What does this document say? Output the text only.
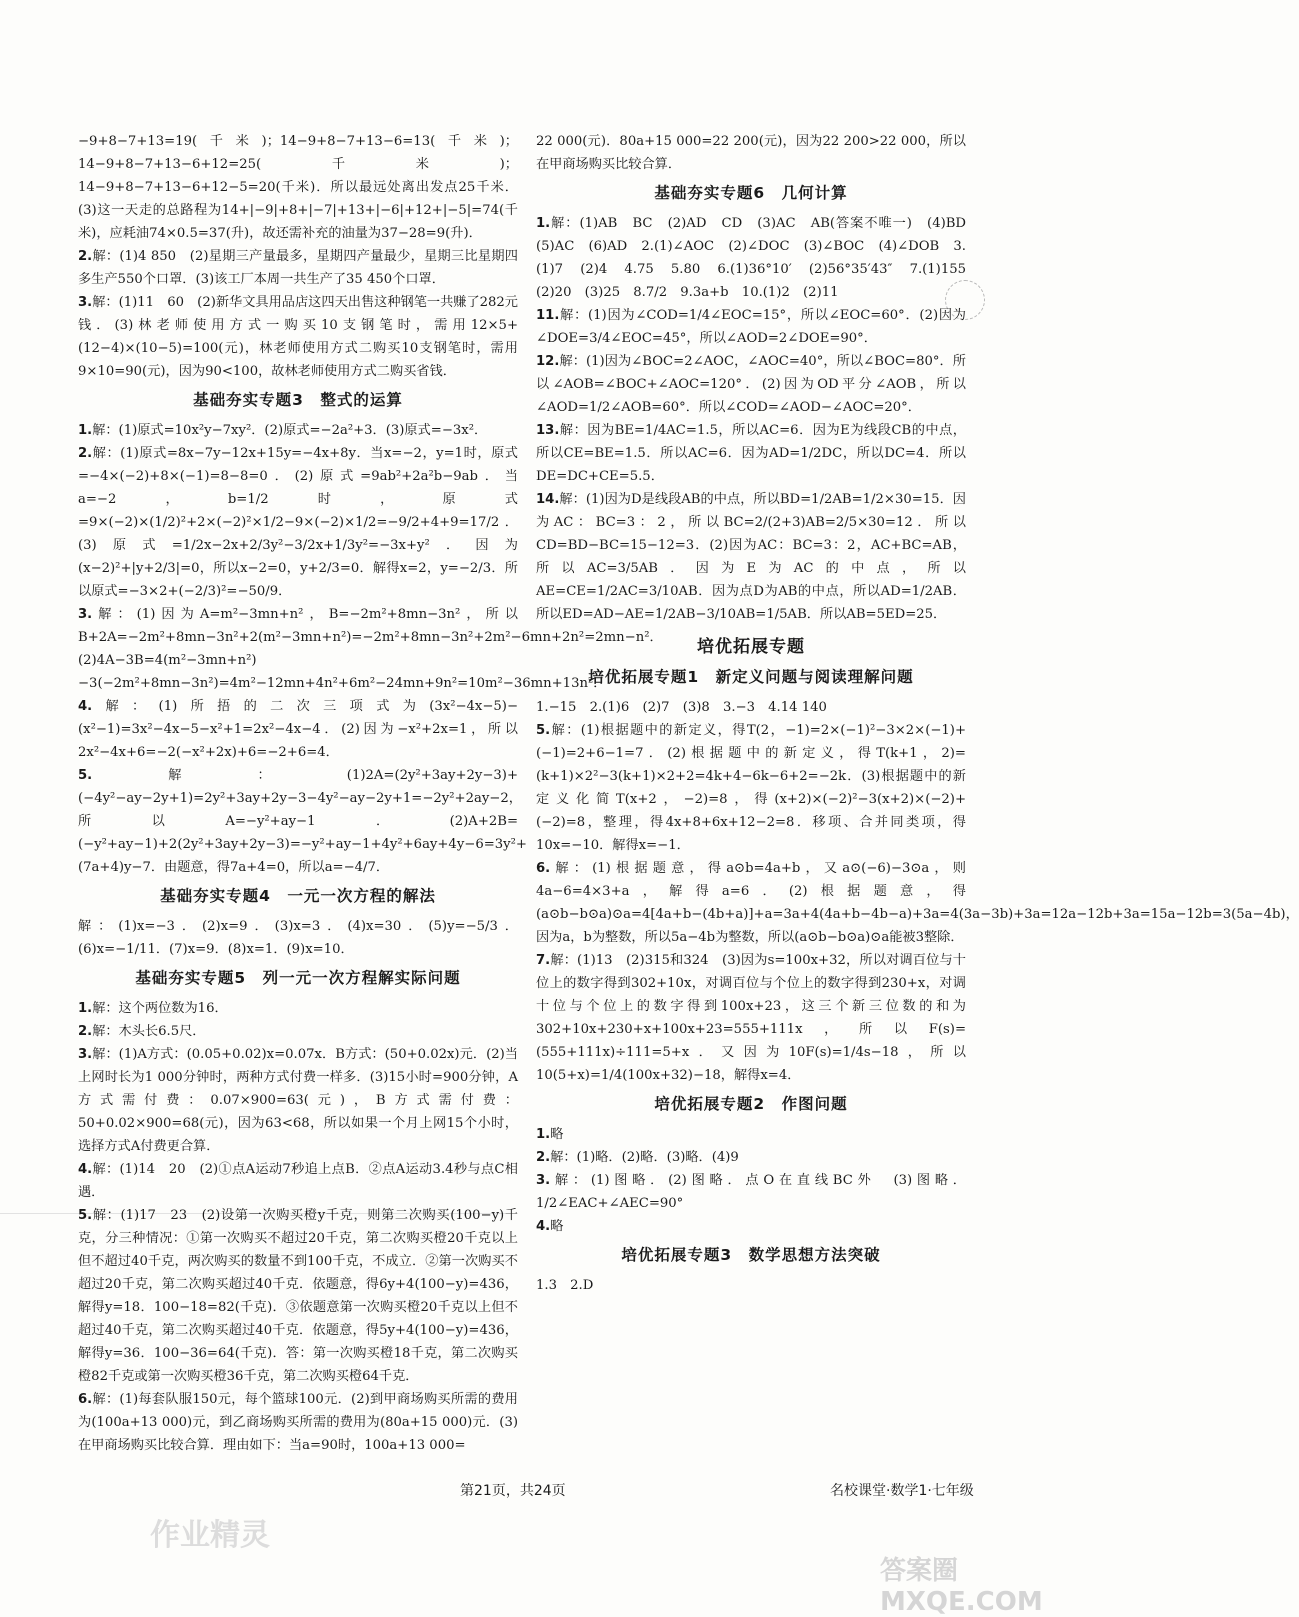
−9+8−7+13=19(千米)；14−9+8−7+13−6=13(千米)；14−9+8−7+13−6+12=25(千米)；14−9+8−7+13−6+12−5=20(千米)．所以最远处离出发点25千米．(3)这一天走的总路程为14+|−9|+8+|−7|+13+|−6|+12+|−5|=74(千米)，应耗油74×0.5=37(升)，故还需补充的油量为37−28=9(升)．

2.解：(1)4 850　(2)星期三产量最多，星期四产量最少，星期三比星期四多生产550个口罩．(3)该工厂本周一共生产了35 450个口罩．

3.解：(1)11　60　(2)新华文具用品店这四天出售这种钢笔一共赚了282元钱．(3)林老师使用方式一购买10支钢笔时，需用12×5+(12−4)×(10−5)=100(元)，林老师使用方式二购买10支钢笔时，需用9×10=90(元)，因为90<100，故林老师使用方式二购买省钱．

基础夯实专题3　整式的运算

1.解：(1)原式=10x²y−7xy²．(2)原式=−2a²+3．(3)原式=−3x²．

2.解：(1)原式=8x−7y−12x+15y=−4x+8y．当x=−2，y=1时，原式=−4×(−2)+8×(−1)=8−8=0．(2)原式=9ab²+2a²b−9ab．当a=−2，b=1/2时，原式=9×(−2)×(1/2)²+2×(−2)²×1/2−9×(−2)×1/2=−9/2+4+9=17/2．(3)原式=1/2x−2x+2/3y²−3/2x+1/3y²=−3x+y²．因为(x−2)²+|y+2/3|=0，所以x−2=0，y+2/3=0．解得x=2，y=−2/3．所以原式=−3×2+(−2/3)²=−50/9．

3.解：(1)因为A=m²−3mn+n²，B=−2m²+8mn−3n²，所以B+2A=−2m²+8mn−3n²+2(m²−3mn+n²)=−2m²+8mn−3n²+2m²−6mn+2n²=2mn−n²．(2)4A−3B=4(m²−3mn+n²)−3(−2m²+8mn−3n²)=4m²−12mn+4n²+6m²−24mn+9n²=10m²−36mn+13n²．

4.解：(1)所捂的二次三项式为(3x²−4x−5)−(x²−1)=3x²−4x−5−x²+1=2x²−4x−4．(2)因为−x²+2x=1，所以2x²−4x+6=−2(−x²+2x)+6=−2+6=4．

5.解：(1)2A=(2y²+3ay+2y−3)+(−4y²−ay−2y+1)=2y²+3ay+2y−3−4y²−ay−2y+1=−2y²+2ay−2，所以A=−y²+ay−1．(2)A+2B=(−y²+ay−1)+2(2y²+3ay+2y−3)=−y²+ay−1+4y²+6ay+4y−6=3y²+(7a+4)y−7．由题意，得7a+4=0，所以a=−4/7．

基础夯实专题4　一元一次方程的解法

解：(1)x=−3．(2)x=9．(3)x=3．(4)x=30．(5)y=−5/3．(6)x=−1/11．(7)x=9．(8)x=1．(9)x=10．

基础夯实专题5　列一元一次方程解实际问题

1.解：这个两位数为16．

2.解：木头长6.5尺．

3.解：(1)A方式：(0.05+0.02)x=0.07x．B方式：(50+0.02x)元．(2)当上网时长为1 000分钟时，两种方式付费一样多．(3)15小时=900分钟，A方式需付费：0.07×900=63(元)，B方式需付费：50+0.02×900=68(元)，因为63<68，所以如果一个月上网15个小时，选择方式A付费更合算．

4.解：(1)14　20　(2)①点A运动7秒追上点B．②点A运动3.4秒与点C相遇．

5.解：(1)17　23　(2)设第一次购买橙y千克，则第二次购买(100−y)千克，分三种情况：①第一次购买不超过20千克，第二次购买橙20千克以上但不超过40千克，两次购买的数量不到100千克，不成立．②第一次购买不超过20千克，第二次购买超过40千克．依题意，得6y+4(100−y)=436，解得y=18．100−18=82(千克)．③依题意第一次购买橙20千克以上但不超过40千克，第二次购买超过40千克．依题意，得5y+4(100−y)=436，解得y=36．100−36=64(千克)．答：第一次购买橙18千克，第二次购买橙82千克或第一次购买橙36千克，第二次购买橙64千克．

6.解：(1)每套队服150元，每个篮球100元．(2)到甲商场购买所需的费用为(100a+13 000)元，到乙商场购买所需的费用为(80a+15 000)元．(3)在甲商场购买比较合算．理由如下：当a=90时，100a+13 000=

22 000(元)．80a+15 000=22 200(元)，因为22 200>22 000，所以在甲商场购买比较合算．

基础夯实专题6　几何计算

1.解：(1)AB　BC　(2)AD　CD　(3)AC　AB(答案不唯一)　(4)BD　(5)AC　(6)AD　2.(1)∠AOC　(2)∠DOC　(3)∠BOC　(4)∠DOB　3.(1)7　(2)4　4.75　5.80　6.(1)36°10′　(2)56°35′43″　7.(1)155　(2)20　(3)25　8.7/2　9.3a+b　10.(1)2　(2)11

11.解：(1)因为∠COD=1/4∠EOC=15°，所以∠EOC=60°．(2)因为∠DOE=3/4∠EOC=45°，所以∠AOD=2∠DOE=90°．

12.解：(1)因为∠BOC=2∠AOC，∠AOC=40°，所以∠BOC=80°．所以∠AOB=∠BOC+∠AOC=120°．(2)因为OD平分∠AOB，所以∠AOD=1/2∠AOB=60°．所以∠COD=∠AOD−∠AOC=20°．

13.解：因为BE=1/4AC=1.5，所以AC=6．因为E为线段CB的中点，所以CE=BE=1.5．所以AC=6．因为AD=1/2DC，所以DC=4．所以DE=DC+CE=5.5．

14.解：(1)因为D是线段AB的中点，所以BD=1/2AB=1/2×30=15．因为AC：BC=3：2，所以BC=2/(2+3)AB=2/5×30=12．所以CD=BD−BC=15−12=3．(2)因为AC：BC=3：2，AC+BC=AB，所以AC=3/5AB．因为E为AC的中点，所以AE=CE=1/2AC=3/10AB．因为点D为AB的中点，所以AD=1/2AB．所以ED=AD−AE=1/2AB−3/10AB=1/5AB．所以AB=5ED=25．

培优拓展专题
培优拓展专题1　新定义问题与阅读理解问题

1.−15　2.(1)6　(2)7　(3)8　3.−3　4.14 140

5.解：(1)根据题中的新定义，得T(2，−1)=2×(−1)²−3×2×(−1)+(−1)=2+6−1=7．(2)根据题中的新定义，得T(k+1，2)=(k+1)×2²−3(k+1)×2+2=4k+4−6k−6+2=−2k．(3)根据题中的新定义化简T(x+2，−2)=8，得(x+2)×(−2)²−3(x+2)×(−2)+(−2)=8，整理，得4x+8+6x+12−2=8．移项、合并同类项，得10x=−10．解得x=−1．

6.解：(1)根据题意，得a⊙b=4a+b，又a⊙(−6)−3⊙a，则4a−6=4×3+a，解得a=6．(2)根据题意，得(a⊙b−b⊙a)⊙a=4[4a+b−(4b+a)]+a=3a+4(4a+b−4b−a)+3a=4(3a−3b)+3a=12a−12b+3a=15a−12b=3(5a−4b)，因为a，b为整数，所以5a−4b为整数，所以(a⊙b−b⊙a)⊙a能被3整除．

7.解：(1)13　(2)315和324　(3)因为s=100x+32，所以对调百位与十位上的数字得到302+10x，对调百位与个位上的数字得到230+x，对调十位与个位上的数字得到100x+23，这三个新三位数的和为302+10x+230+x+100x+23=555+111x，所以F(s)=(555+111x)÷111=5+x．又因为10F(s)=1/4s−18，所以10(5+x)=1/4(100x+32)−18，解得x=4．

培优拓展专题2　作图问题

1.略

2.解：(1)略．(2)略．(3)略．(4)9

3.解：(1)图略．(2)图略．点O在直线BC外　(3)图略．1/2∠EAC+∠AEC=90°

4.略

培优拓展专题3　数学思想方法突破

1.3　2.D

第21页，共24页	名校课堂·数学1·七年级
作业精灵
答案圈 MXQE.COM
